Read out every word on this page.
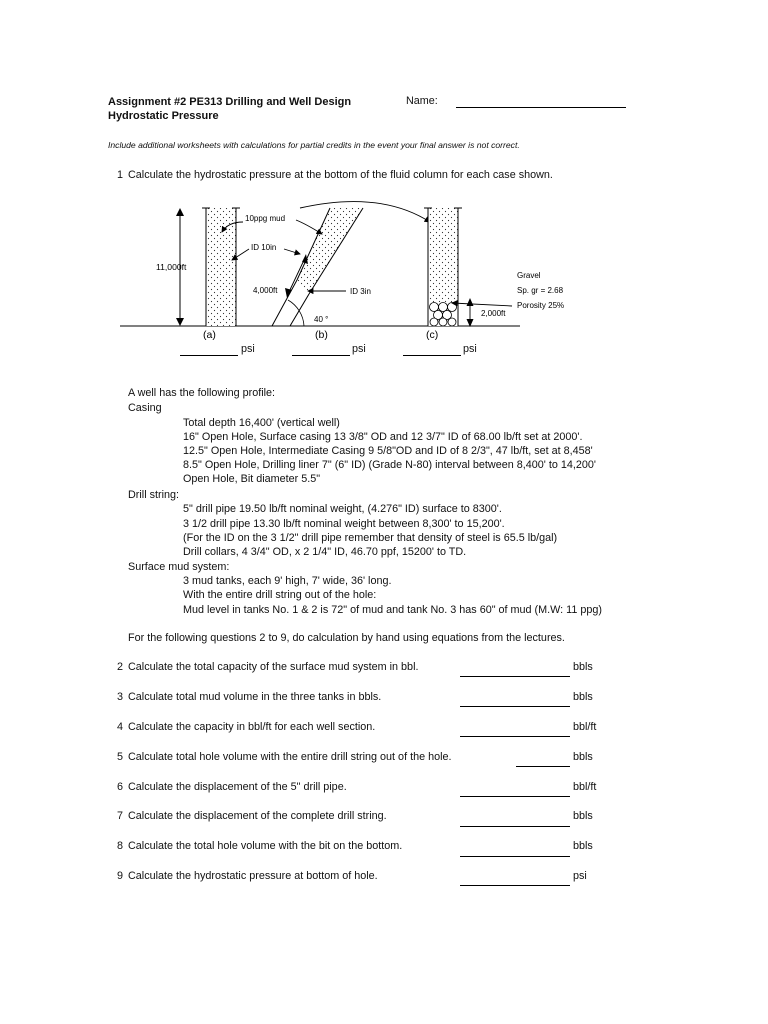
Assignment #2 PE313 Drilling and Well Design
Hydrostatic Pressure
Name:
Include additional worksheets with calculations for partial credits in the event your final answer is not correct.
1 Calculate the hydrostatic pressure at the bottom of the fluid column for each case shown.
11,000ft
40 °
4,000ft	ID 3in
10ppg mud
ID 10in
2,000ft
Gravel
Sp. gr = 2.68
Porosity 25%
(a)	(b)	(c)
psi	psi	psi
A well has the following profile:
Casing
Total depth 16,400' (vertical well)
16" Open Hole, Surface casing 13 3/8" OD and 12 3/7" ID of 68.00 lb/ft set at 2000'.
12.5" Open Hole, Intermediate Casing 9 5/8"OD and ID of 8 2/3", 47 lb/ft, set at 8,458'
8.5" Open Hole, Drilling liner 7" (6" ID) (Grade N-80) interval between 8,400' to 14,200'
Open Hole, Bit diameter 5.5"
Drill string:
5" drill pipe 19.50 lb/ft nominal weight, (4.276" ID) surface to 8300'.
3 1/2 drill pipe 13.30 lb/ft nominal weight between 8,300' to 15,200'.
(For the ID on the 3 1/2" drill pipe remember that density of steel is 65.5 lb/gal)
Drill collars, 4 3/4" OD, x 2 1/4" ID, 46.70 ppf, 15200' to TD.
Surface mud system:
3 mud tanks, each 9' high, 7' wide, 36' long.
With the entire drill string out of the hole:
Mud level in tanks No. 1 & 2 is 72" of mud and tank No. 3 has 60" of mud (M.W: 11 ppg)
For the following questions 2 to 9, do calculation by hand using equations from the lectures.
2 Calculate the total capacity of the surface mud system in bbl.	bbls
3 Calculate total mud volume in the three tanks in bbls.	bbls
4 Calculate the capacity in bbl/ft for each well section.	bbl/ft
5 Calculate total hole volume with the entire drill string out of the hole.	bbls
6 Calculate the displacement of the 5" drill pipe.	bbl/ft
7 Calculate the displacement of the complete drill string.	bbls
8 Calculate the total hole volume with the bit on the bottom.	bbls
9 Calculate the hydrostatic pressure at bottom of hole.	psi
